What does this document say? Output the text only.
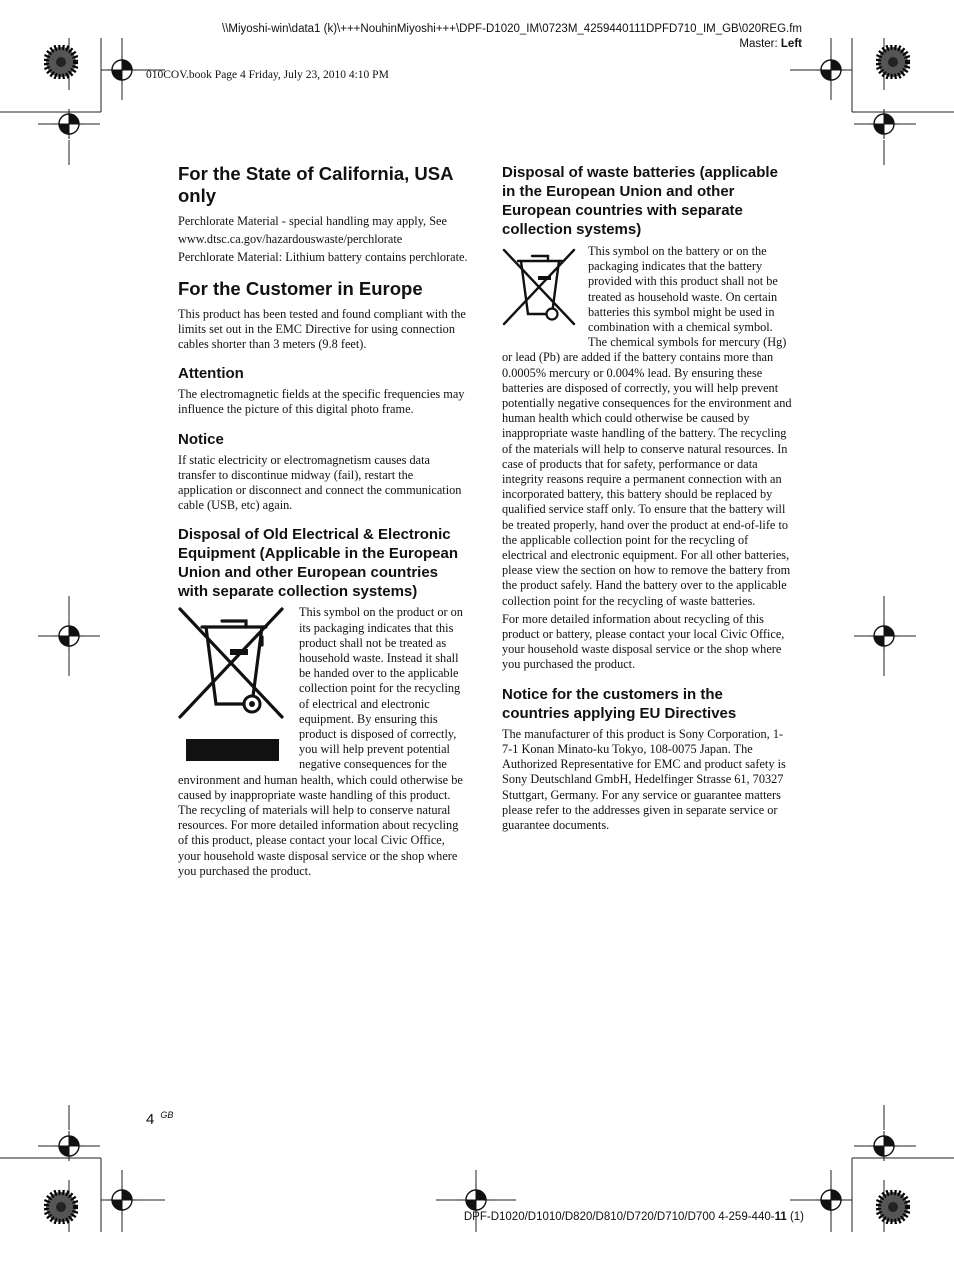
\\Miyoshi-win\data1 (k)\+++NouhinMiyoshi+++\DPF-D1020_IM\0723M_4259440111DPFD710_IM_GB\020REG.fm
Master: Left
010COV.book Page 4 Friday, July 23, 2010 4:10 PM
For the State of California, USA only

Perchlorate Material - special handling may apply, See

www.dtsc.ca.gov/hazardouswaste/perchlorate

Perchlorate Material: Lithium battery contains perchlorate.

For the Customer in Europe

This product has been tested and found compliant with the limits set out in the EMC Directive for using connection cables shorter than 3 meters (9.8 feet).

Attention

The electromagnetic fields at the specific frequencies may influence the picture of this digital photo frame.

Notice

If static electricity or electromagnetism causes data transfer to discontinue midway (fail), restart the application or disconnect and connect the communication cable (USB, etc) again.

Disposal of Old Electrical & Electronic Equipment (Applicable in the European Union and other European countries with separate collection systems)

This symbol on the product or on its packaging indicates that this product shall not be treated as household waste. Instead it shall be handed over to the applicable collection point for the recycling of electrical and electronic equipment. By ensuring this product is disposed of correctly, you will help prevent potential negative consequences for the environment and human health, which could otherwise be caused by inappropriate waste handling of this product. The recycling of materials will help to conserve natural resources. For more detailed information about recycling of this product, please contact your local Civic Office, your household waste disposal service or the shop where you purchased the product.

Disposal of waste batteries (applicable in the European Union and other European countries with separate collection systems)

This symbol on the battery or on the packaging indicates that the battery provided with this product shall not be treated as household waste. On certain batteries this symbol might be used in combination with a chemical symbol. The chemical symbols for mercury (Hg) or lead (Pb) are added if the battery contains more than 0.0005% mercury or 0.004% lead. By ensuring these batteries are disposed of correctly, you will help prevent potentially negative consequences for the environment and human health which could otherwise be caused by inappropriate waste handling of the battery. The recycling of the materials will help to conserve natural resources. In case of products that for safety, performance or data integrity reasons require a permanent connection with an incorporated battery, this battery should be replaced by qualified service staff only. To ensure that the battery will be treated properly, hand over the product at end-of-life to the applicable collection point for the recycling of electrical and electronic equipment. For all other batteries, please view the section on how to remove the battery from the product safely. Hand the battery over to the applicable collection point for the recycling of waste batteries.

For more detailed information about recycling of this product or battery, please contact your local Civic Office, your household waste disposal service or the shop where you purchased the product.

Notice for the customers in the countries applying EU Directives

The manufacturer of this product is Sony Corporation, 1-7-1 Konan Minato-ku Tokyo, 108-0075 Japan. The Authorized Representative for EMC and product safety is Sony Deutschland GmbH, Hedelfinger Strasse 61, 70327 Stuttgart, Germany. For any service or guarantee matters please refer to the addresses given in separate service or guarantee documents.

4 $^{GB}$
DPF-D1020/D1010/D820/D810/D720/D710/D700 4-259-440-11 (1)
